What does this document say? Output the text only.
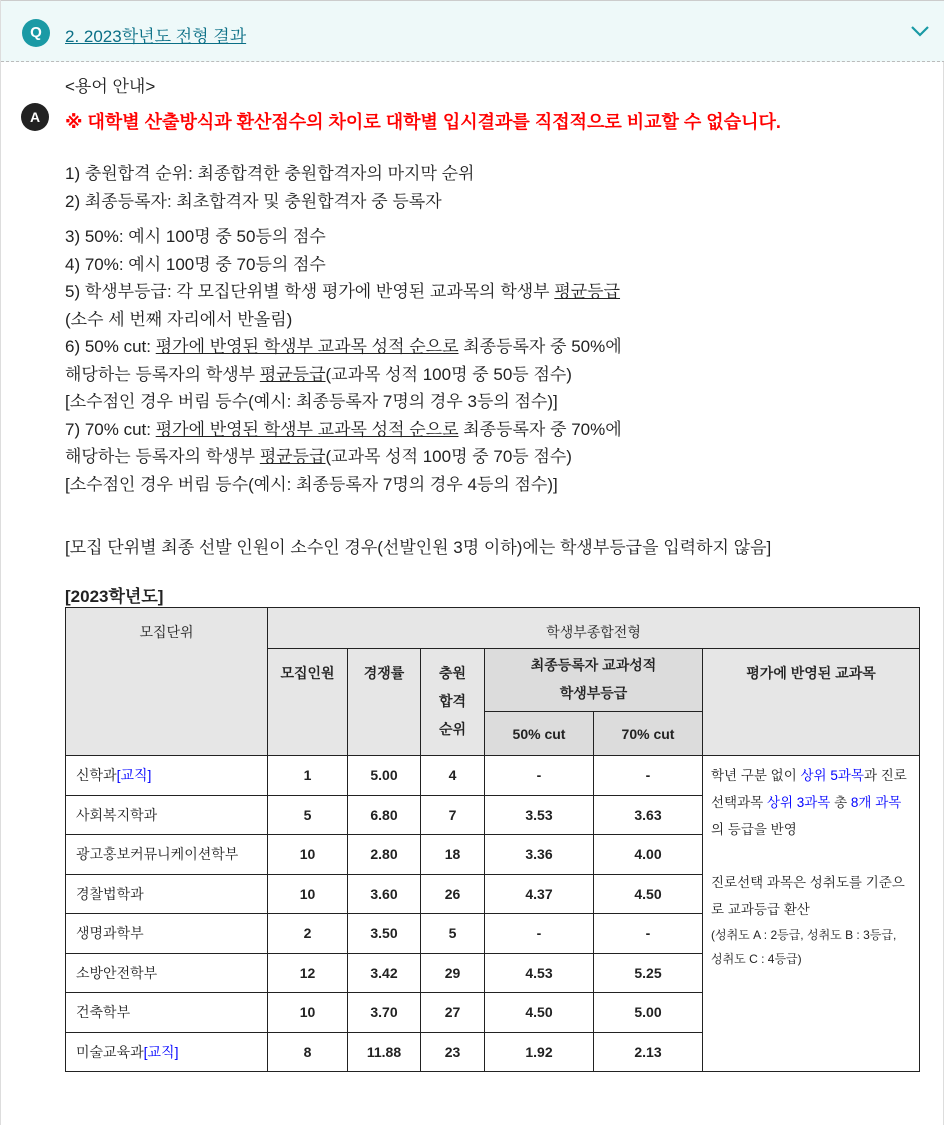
Q	2. 2023학년도 전형 결과
A
<용어 안내>
※ 대학별 산출방식과 환산점수의 차이로 대학별 입시결과를 직접적으로 비교할 수 없습니다.
1) 충원합격 순위: 최종합격한 충원합격자의 마지막 순위
2) 최종등록자: 최초합격자 및 충원합격자 중 등록자
3) 50%: 예시 100명 중 50등의 점수
4) 70%: 예시 100명 중 70등의 점수
5) 학생부등급: 각 모집단위별 학생 평가에 반영된 교과목의 학생부 평균등급
(소수 세 번째 자리에서 반올림)
6) 50% cut: 평가에 반영된 학생부 교과목 성적 순으로 최종등록자 중 50%에
해당하는 등록자의 학생부 평균등급(교과목 성적 100명 중 50등 점수)
[소수점인 경우 버림 등수(예시: 최종등록자 7명의 경우 3등의 점수)]
7) 70% cut: 평가에 반영된 학생부 교과목 성적 순으로 최종등록자 중 70%에
해당하는 등록자의 학생부 평균등급(교과목 성적 100명 중 70등 점수)
[소수점인 경우 버림 등수(예시: 최종등록자 7명의 경우 4등의 점수)]
[모집 단위별 최종 선발 인원이 소수인 경우(선발인원 3명 이하)에는 학생부등급을 입력하지 않음]
[2023학년도]
모집단위	학생부종합전형					
	모집인원	경쟁률	충원 합격 순위	최종등록자 교과성적
학생부등급		평가에 반영된 교과목
				50% cut	70% cut	
신학과[교직]	1	5.00	4	-	-	학년 구분 없이 상위 5과목과 진로선택과목 상위 3과목 총 8개 과목의 등급을 반영
진로선택 과목은 성취도를 기준으로 교과등급 환산
(성취도 A : 2등급, 성취도 B : 3등급, 성취도 C : 4등급)

사회복지학과	5	6.80	7	3.53	3.63	
광고홍보커뮤니케이션학부	10	2.80	18	3.36	4.00	
경찰법학과	10	3.60	26	4.37	4.50	
생명과학부	2	3.50	5	-	-	
소방안전학부	12	3.42	29	4.53	5.25	
건축학부	10	3.70	27	4.50	5.00	
미술교육과[교직]	8	11.88	23	1.92	2.13	
